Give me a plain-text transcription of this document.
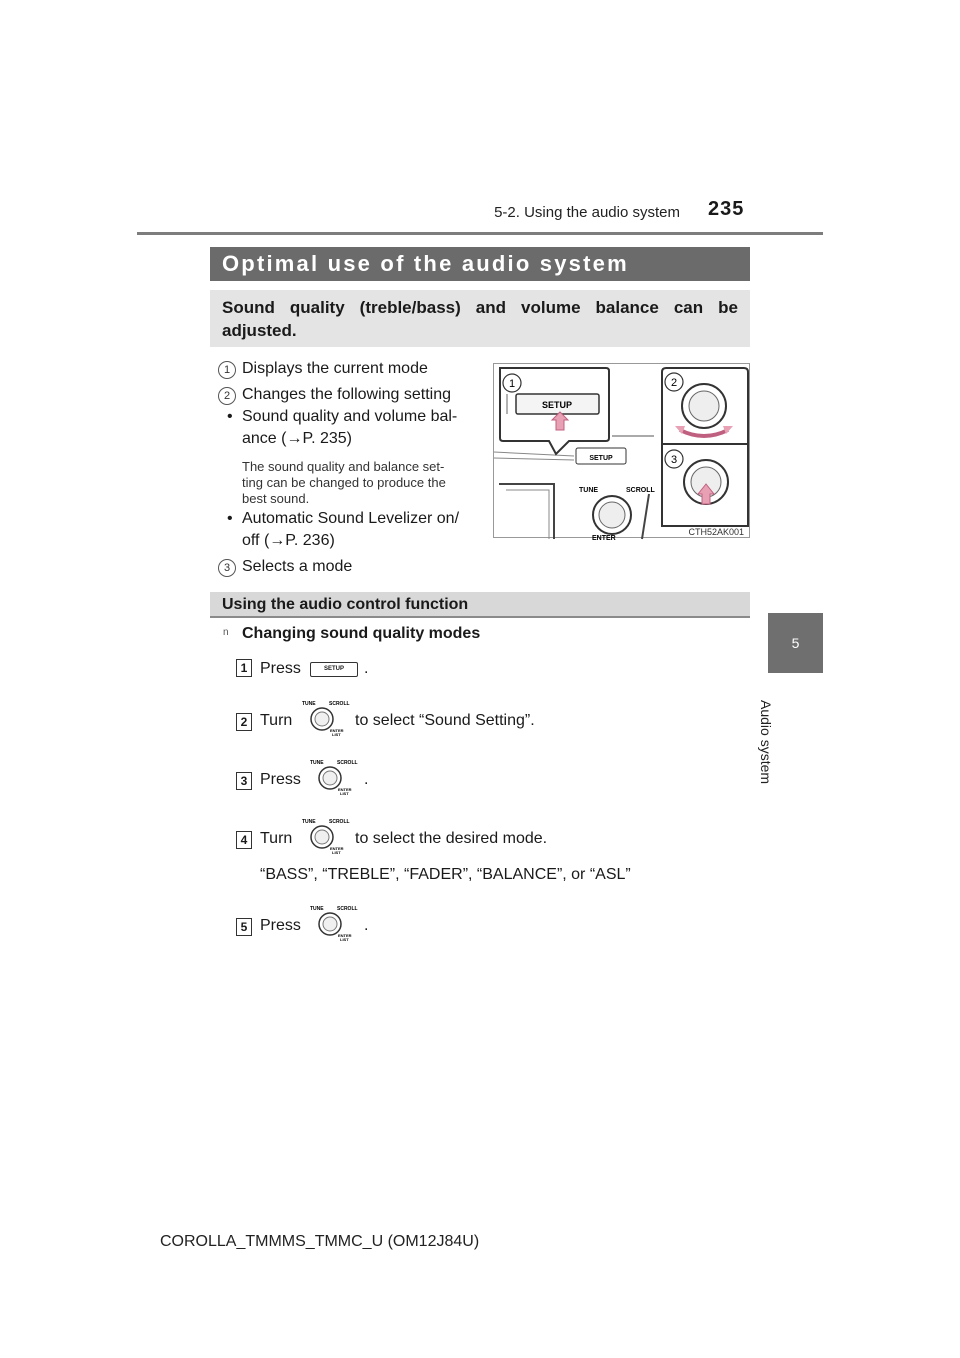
5-2. Using the audio system 235
5
Audio system
Optimal use of the audio system
Sound quality (treble/bass) and volume balance can be adjusted.
1 Displays the current mode
2 Changes the following setting
• Sound quality and volume bal-
ance (→P. 235)
The sound quality and balance set-
ting can be changed to produce the
best sound.
• Automatic Sound Levelizer on/
off (→P. 236)
3 Selects a mode
SETUP
TUNE	SCROLL
ENTER
SETUP
1	2
3
CTH52AK001
Using the audio control function
n Changing sound quality modes
1 Press	SETUP	.
2 Turn
TUNE	SCROLL
ENTER
LIST
to select “Sound Setting”.
3 Press
TUNE	SCROLL
ENTER
LIST
.
4 Turn
TUNE	SCROLL
ENTER
LIST
to select the desired mode.
“BASS”, “TREBLE”, “FADER”, “BALANCE”, or “ASL”
5 Press
TUNE	SCROLL
ENTER
LIST
.
COROLLA_TMMMS_TMMC_U (OM12J84U)
